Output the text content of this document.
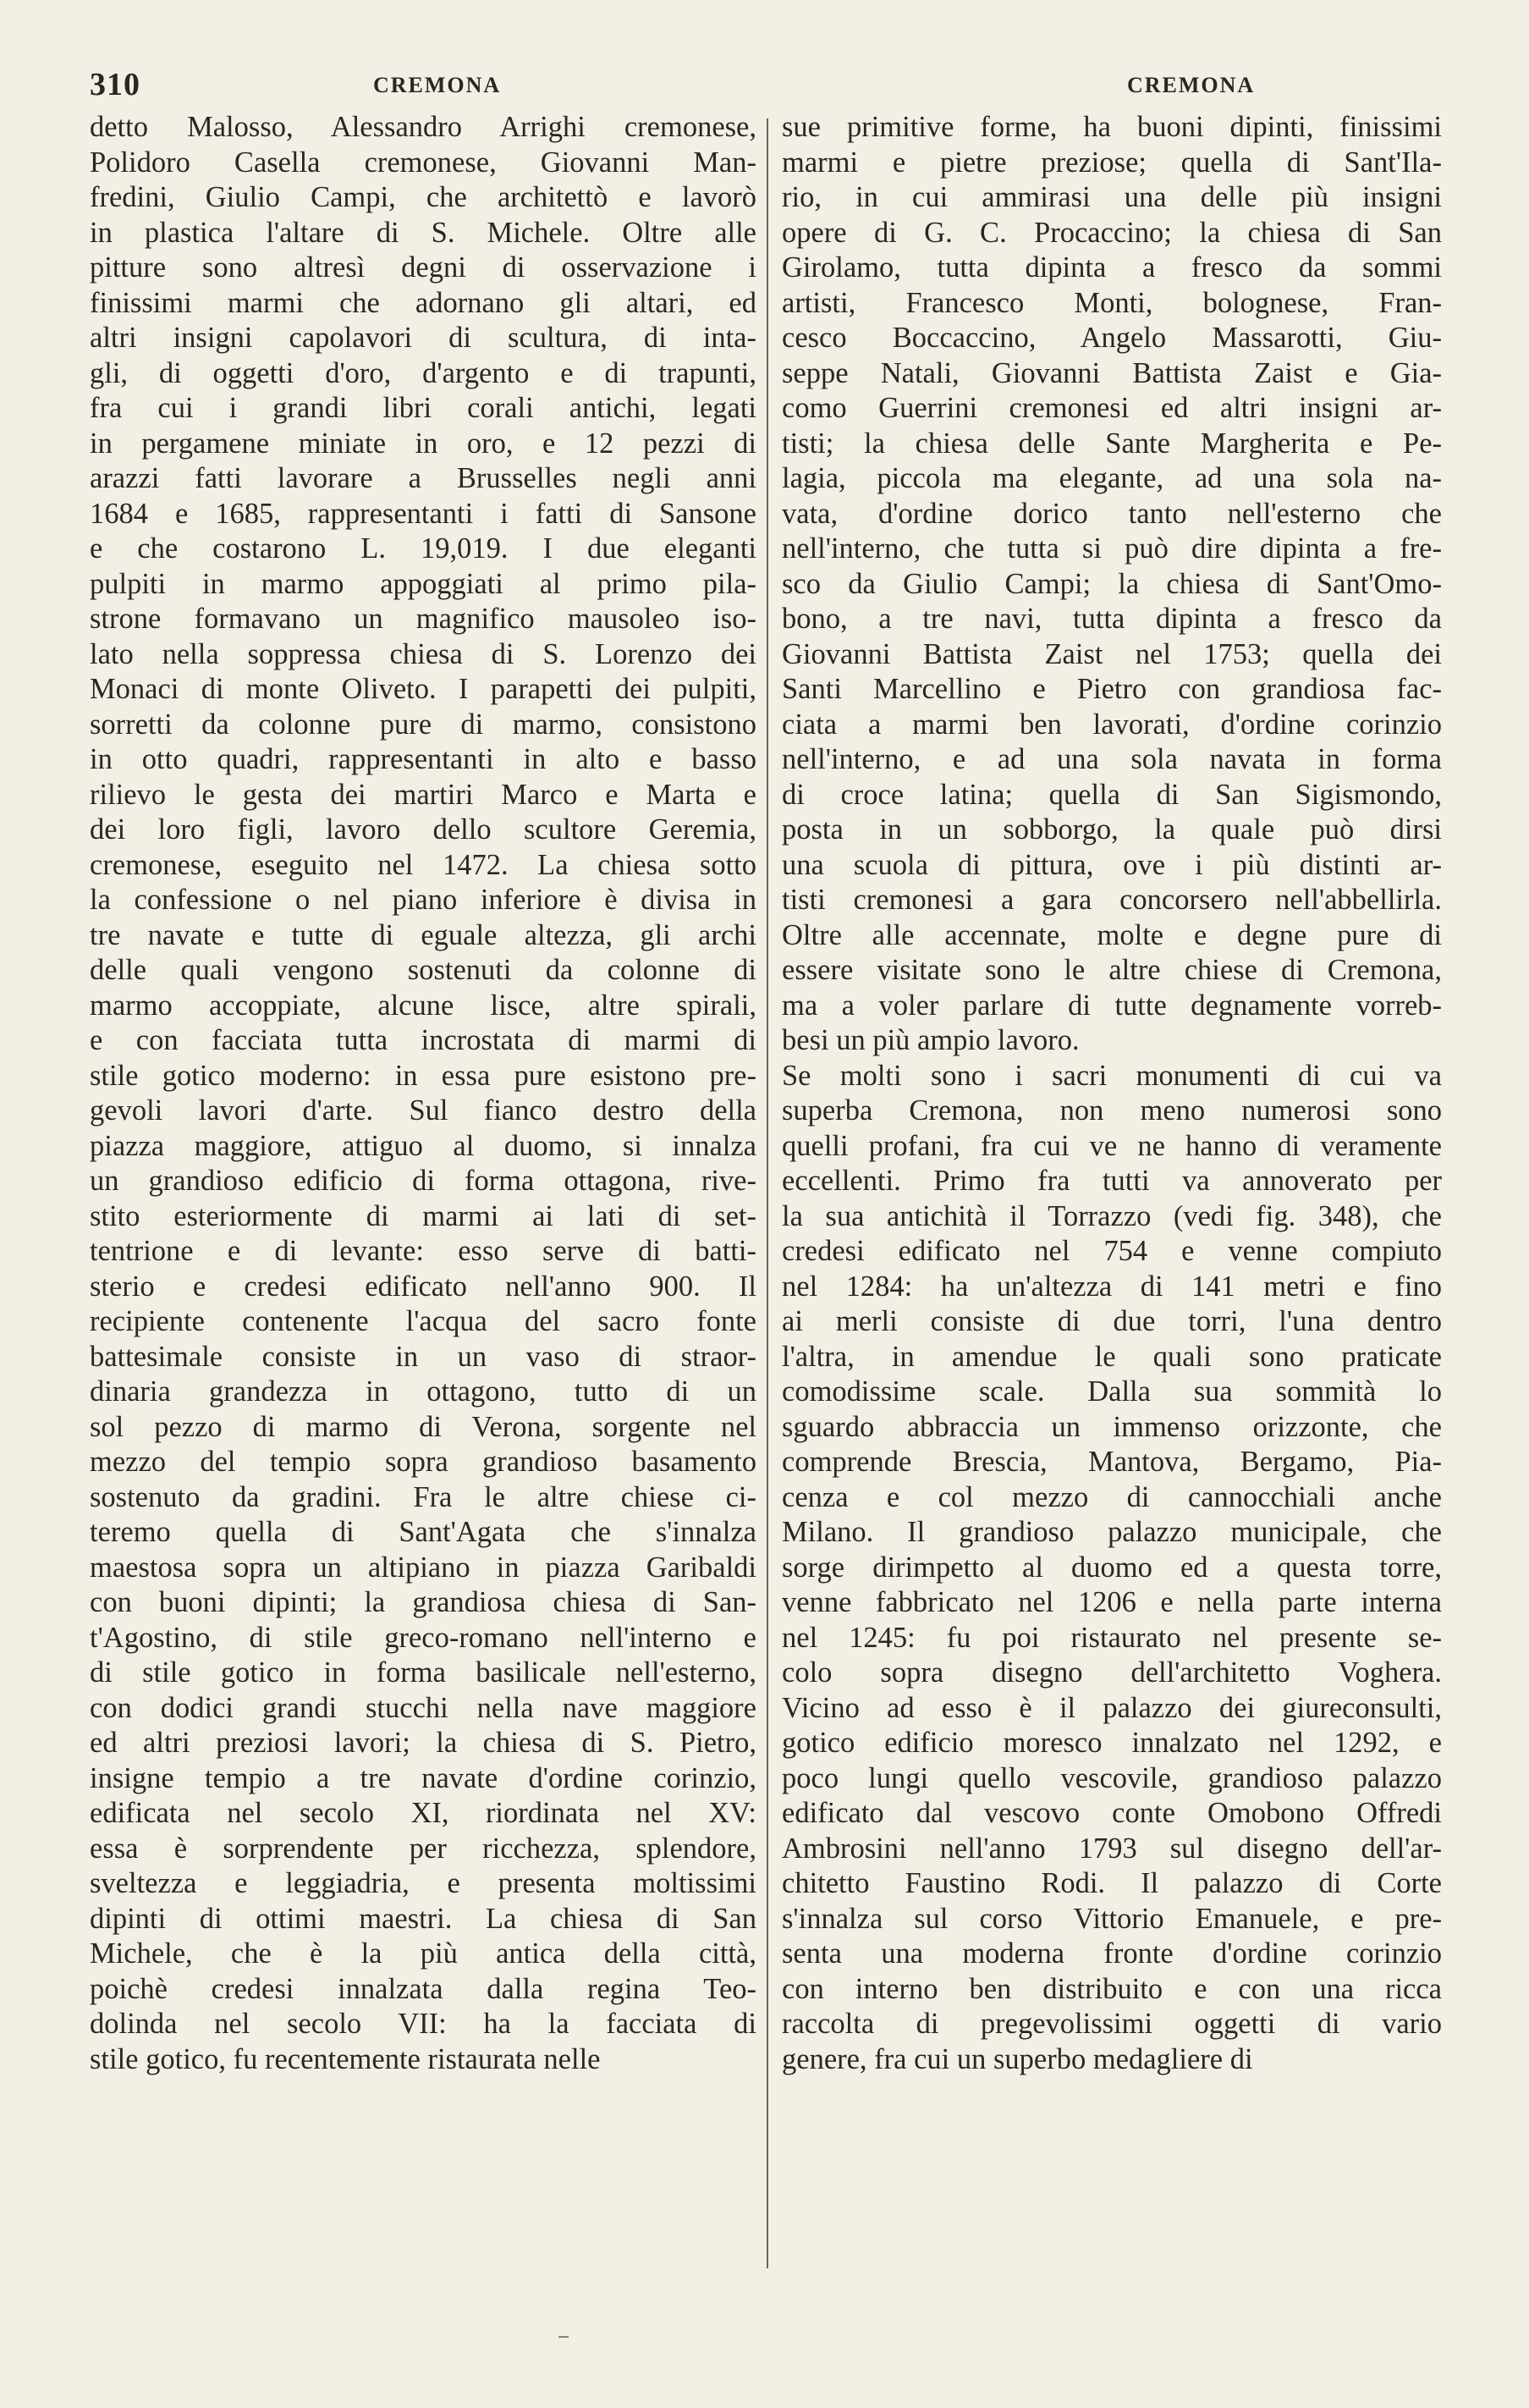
310	CREMONA	CREMONA
detto Malosso, Alessandro Arrighi cremonese,
Polidoro Casella cremonese, Giovanni Man-
fredini, Giulio Campi, che architettò e lavorò
in plastica l'altare di S. Michele. Oltre alle
pitture sono altresì degni di osservazione i
finissimi marmi che adornano gli altari, ed
altri insigni capolavori di scultura, di inta-
gli, di oggetti d'oro, d'argento e di trapunti,
fra cui i grandi libri corali antichi, legati
in pergamene miniate in oro, e 12 pezzi di
arazzi fatti lavorare a Brusselles negli anni
1684 e 1685, rappresentanti i fatti di Sansone
e che costarono L. 19,019. I due eleganti
pulpiti in marmo appoggiati al primo pila-
strone formavano un magnifico mausoleo iso-
lato nella soppressa chiesa di S. Lorenzo dei
Monaci di monte Oliveto. I parapetti dei pulpiti,
sorretti da colonne pure di marmo, consistono
in otto quadri, rappresentanti in alto e basso
rilievo le gesta dei martiri Marco e Marta e
dei loro figli, lavoro dello scultore Geremia,
cremonese, eseguito nel 1472. La chiesa sotto
la confessione o nel piano inferiore è divisa in
tre navate e tutte di eguale altezza, gli archi
delle quali vengono sostenuti da colonne di
marmo accoppiate, alcune lisce, altre spirali,
e con facciata tutta incrostata di marmi di
stile gotico moderno: in essa pure esistono pre-
gevoli lavori d'arte. Sul fianco destro della
piazza maggiore, attiguo al duomo, si innalza
un grandioso edificio di forma ottagona, rive-
stito esteriormente di marmi ai lati di set-
tentrione e di levante: esso serve di batti-
sterio e credesi edificato nell'anno 900. Il
recipiente contenente l'acqua del sacro fonte
battesimale consiste in un vaso di straor-
dinaria grandezza in ottagono, tutto di un
sol pezzo di marmo di Verona, sorgente nel
mezzo del tempio sopra grandioso basamento
sostenuto da gradini. Fra le altre chiese ci-
teremo quella di Sant'Agata che s'innalza
maestosa sopra un altipiano in piazza Garibaldi
con buoni dipinti; la grandiosa chiesa di San-
t'Agostino, di stile greco-romano nell'interno e
di stile gotico in forma basilicale nell'esterno,
con dodici grandi stucchi nella nave maggiore
ed altri preziosi lavori; la chiesa di S. Pietro,
insigne tempio a tre navate d'ordine corinzio,
edificata nel secolo XI, riordinata nel XV:
essa è sorprendente per ricchezza, splendore,
sveltezza e leggiadria, e presenta moltissimi
dipinti di ottimi maestri. La chiesa di San
Michele, che è la più antica della città,
poichè credesi innalzata dalla regina Teo-
dolinda nel secolo VII: ha la facciata di
stile gotico, fu recentemente ristaurata nelle
sue primitive forme, ha buoni dipinti, finissimi
marmi e pietre preziose; quella di Sant'Ila-
rio, in cui ammirasi una delle più insigni
opere di G. C. Procaccino; la chiesa di San
Girolamo, tutta dipinta a fresco da sommi
artisti, Francesco Monti, bolognese, Fran-
cesco Boccaccino, Angelo Massarotti, Giu-
seppe Natali, Giovanni Battista Zaist e Gia-
como Guerrini cremonesi ed altri insigni ar-
tisti; la chiesa delle Sante Margherita e Pe-
lagia, piccola ma elegante, ad una sola na-
vata, d'ordine dorico tanto nell'esterno che
nell'interno, che tutta si può dire dipinta a fre-
sco da Giulio Campi; la chiesa di Sant'Omo-
bono, a tre navi, tutta dipinta a fresco da
Giovanni Battista Zaist nel 1753; quella dei
Santi Marcellino e Pietro con grandiosa fac-
ciata a marmi ben lavorati, d'ordine corinzio
nell'interno, e ad una sola navata in forma
di croce latina; quella di San Sigismondo,
posta in un sobborgo, la quale può dirsi
una scuola di pittura, ove i più distinti ar-
tisti cremonesi a gara concorsero nell'abbellirla.
Oltre alle accennate, molte e degne pure di
essere visitate sono le altre chiese di Cremona,
ma a voler parlare di tutte degnamente vorreb-
besi un più ampio lavoro.
Se molti sono i sacri monumenti di cui va
superba Cremona, non meno numerosi sono
quelli profani, fra cui ve ne hanno di veramente
eccellenti. Primo fra tutti va annoverato per
la sua antichità il Torrazzo (vedi fig. 348), che
credesi edificato nel 754 e venne compiuto
nel 1284: ha un'altezza di 141 metri e fino
ai merli consiste di due torri, l'una dentro
l'altra, in amendue le quali sono praticate
comodissime scale. Dalla sua sommità lo
sguardo abbraccia un immenso orizzonte, che
comprende Brescia, Mantova, Bergamo, Pia-
cenza e col mezzo di cannocchiali anche
Milano. Il grandioso palazzo municipale, che
sorge dirimpetto al duomo ed a questa torre,
venne fabbricato nel 1206 e nella parte interna
nel 1245: fu poi ristaurato nel presente se-
colo sopra disegno dell'architetto Voghera.
Vicino ad esso è il palazzo dei giureconsulti,
gotico edificio moresco innalzato nel 1292, e
poco lungi quello vescovile, grandioso palazzo
edificato dal vescovo conte Omobono Offredi
Ambrosini nell'anno 1793 sul disegno dell'ar-
chitetto Faustino Rodi. Il palazzo di Corte
s'innalza sul corso Vittorio Emanuele, e pre-
senta una moderna fronte d'ordine corinzio
con interno ben distribuito e con una ricca
raccolta di pregevolissimi oggetti di vario
genere, fra cui un superbo medagliere di
